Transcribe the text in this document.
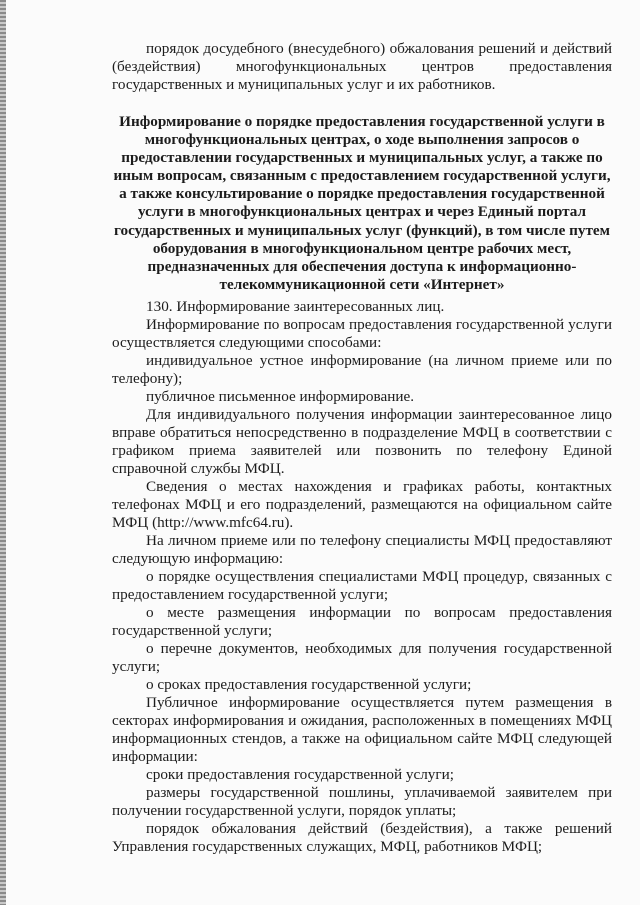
порядок досудебного (внесудебного) обжалования решений и действий (бездействия) многофункциональных центров предоставления государственных и муниципальных услуг и их работников.

Информирование о порядке предоставления государственной услуги в многофункциональных центрах, о ходе выполнения запросов о предоставлении государственных и муниципальных услуг, а также по иным вопросам, связанным с предоставлением государственной услуги, а также консультирование о порядке предоставления государственной услуги в многофункциональных центрах и через Единый портал государственных и муниципальных услуг (функций), в том числе путем оборудования в многофункциональном центре рабочих мест, предназначенных для обеспечения доступа к информационно-телекоммуникационной сети «Интернет»

130. Информирование заинтересованных лиц.

Информирование по вопросам предоставления государственной услуги осуществляется следующими способами:

индивидуальное устное информирование (на личном приеме или по телефону);

публичное письменное информирование.

Для индивидуального получения информации заинтересованное лицо вправе обратиться непосредственно в подразделение МФЦ в соответствии с графиком приема заявителей или позвонить по телефону Единой справочной службы МФЦ.

Сведения о местах нахождения и графиках работы, контактных телефонах МФЦ и его подразделений, размещаются на официальном сайте МФЦ (http://www.mfc64.ru).

На личном приеме или по телефону специалисты МФЦ предоставляют следующую информацию:

о порядке осуществления специалистами МФЦ процедур, связанных с предоставлением государственной услуги;

о месте размещения информации по вопросам предоставления государственной услуги;

о перечне документов, необходимых для получения государственной услуги;

о сроках предоставления государственной услуги;

Публичное информирование осуществляется путем размещения в секторах информирования и ожидания, расположенных в помещениях МФЦ информационных стендов, а также на официальном сайте МФЦ следующей информации:

сроки предоставления государственной услуги;

размеры государственной пошлины, уплачиваемой заявителем при получении государственной услуги, порядок уплаты;

порядок обжалования действий (бездействия), а также решений Управления государственных служащих, МФЦ, работников МФЦ;
